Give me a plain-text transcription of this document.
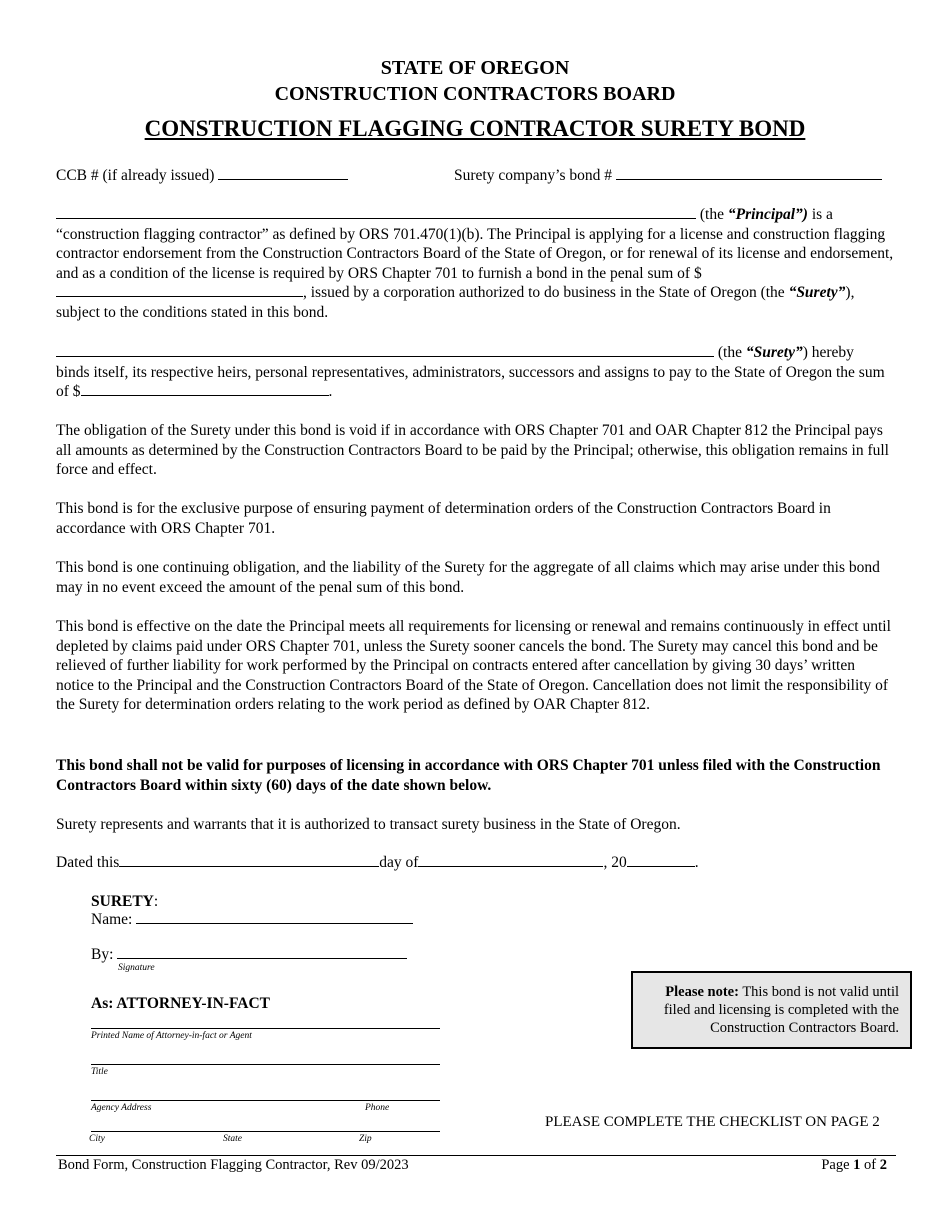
STATE OF OREGON
CONSTRUCTION CONTRACTORS BOARD
CONSTRUCTION FLAGGING CONTRACTOR SURETY BOND
CCB # (if already issued)	Surety company’s bond #
(the “Principal”) is a
“construction flagging contractor” as defined by ORS 701.470(1)(b). The Principal is applying for a license and construction flagging contractor endorsement from the Construction Contractors Board of the State of Oregon, or for renewal of its license and endorsement, and as a condition of the license is required by ORS Chapter 701 to furnish a bond in the penal sum of $, issued by a corporation authorized to do business in the State of Oregon (the “Surety”), subject to the conditions stated in this bond.
(the “Surety”) hereby
binds itself, its respective heirs, personal representatives, administrators, successors and assigns to pay to the State of Oregon the sum of $	.
The obligation of the Surety under this bond is void if in accordance with ORS Chapter 701 and OAR Chapter 812 the Principal pays all amounts as determined by the Construction Contractors Board to be paid by the Principal; otherwise, this obligation remains in full force and effect.
This bond is for the exclusive purpose of ensuring payment of determination orders of the Construction Contractors Board in accordance with ORS Chapter 701.
This bond is one continuing obligation, and the liability of the Surety for the aggregate of all claims which may arise under this bond may in no event exceed the amount of the penal sum of this bond.
This bond is effective on the date the Principal meets all requirements for licensing or renewal and remains continuously in effect until depleted by claims paid under ORS Chapter 701, unless the Surety sooner cancels the bond. The Surety may cancel this bond and be relieved of further liability for work performed by the Principal on contracts entered after cancellation by giving 30 days’ written notice to the Principal and the Construction Contractors Board of the State of Oregon. Cancellation does not limit the responsibility of the Surety for determination orders relating to the work period as defined by OAR Chapter 812.
This bond shall not be valid for purposes of licensing in accordance with ORS Chapter 701 unless filed with the Construction Contractors Board within sixty (60) days of the date shown below.
Surety represents and warrants that it is authorized to transact surety business in the State of Oregon.
Dated this	day of	, 20	.
SURETY:
Name:
By:
Signature
As: ATTORNEY-IN-FACT
Printed Name of Attorney-in-fact or Agent
Title
Agency Address	Phone
City	State	Zip
Please note: This bond is not valid until filed and licensing is completed with the Construction Contractors Board.
PLEASE COMPLETE THE CHECKLIST ON PAGE 2
Bond Form, Construction Flagging Contractor, Rev 09/2023	Page 1 of 2
